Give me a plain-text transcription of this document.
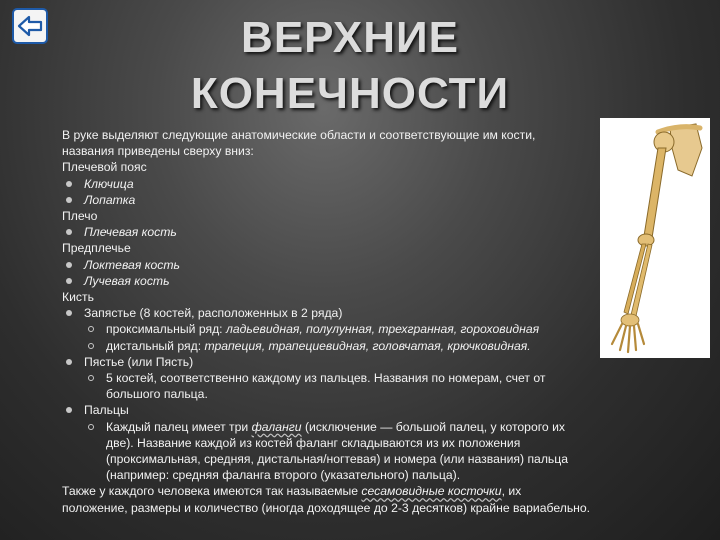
ВЕРХНИЕ
КОНЕЧНОСТИ
В руке выделяют следующие анатомические области и соответствующие им кости,
названия приведены сверху вниз:
Плечевой пояс
Ключица
Лопатка
Плечо
Плечевая кость
Предплечье
Локтевая кость
Лучевая кость
Кисть
Запястье (8 костей, расположенных в 2 ряда)
проксимальный ряд: ладьевидная, полулунная, трехгранная, гороховидная
дистальный ряд: трапеция, трапециевидная, головчатая, крючковидная.
Пястье (или Пясть)
5 костей, соответственно каждому из пальцев. Названия по номерам, счет от
большого пальца.
Пальцы
Каждый палец имеет три фаланги (исключение — большой палец, у которого их
две). Название каждой из костей фаланг складываются из их положения
(проксимальная, средняя, дистальная/ногтевая) и номера (или названия) пальца
(например: средняя фаланга второго (указательного) пальца).
Также у каждого человека имеются так называемые сесамовидные косточки, их
положение, размеры и количество (иногда доходящее до 2-3 десятков) крайне вариабельно.
